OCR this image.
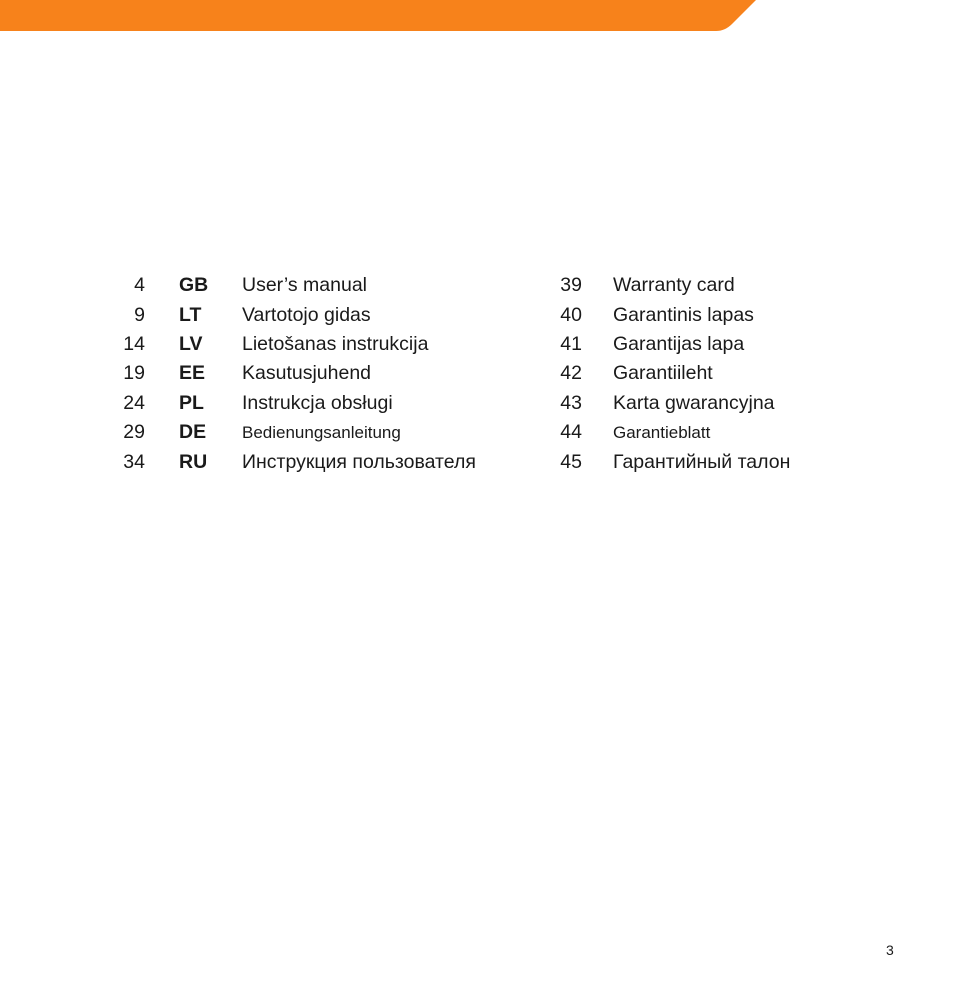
4	GB	User’s manual
9	LT	Vartotojo gidas
14	LV	Lietošanas instrukcija
19	EE	Kasutusjuhend
24	PL	Instrukcja obsługi
29	DE	Bedienungsanleitung
34	RU	Инструкция пользователя
39 Warranty card
40 Garantinis lapas
41 Garantijas lapa
42 Garantiileht
43 Karta gwarancyjna
44 Garantieblatt
45 Гарантийный талон
3
